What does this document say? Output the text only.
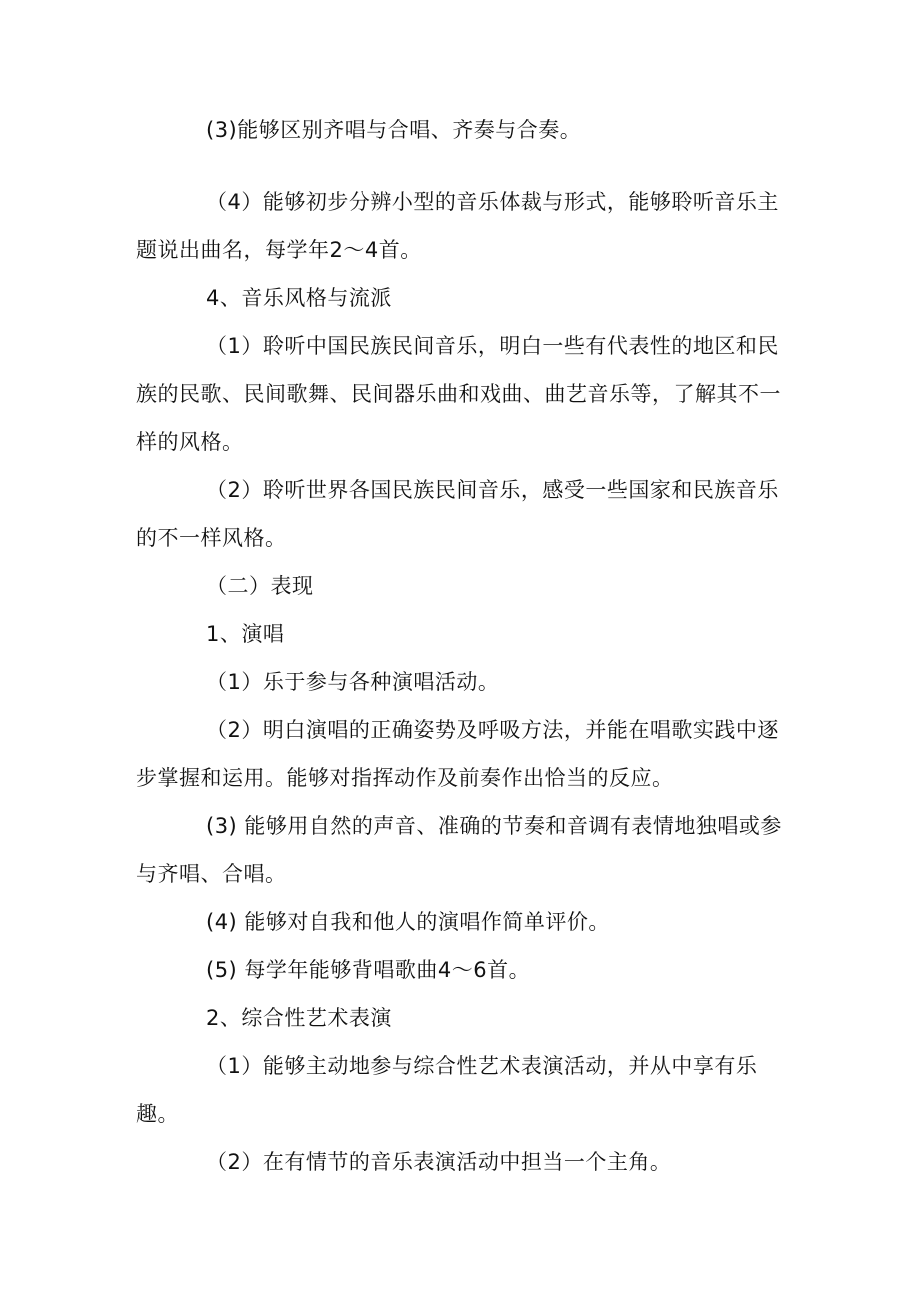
(3)能够区别齐唱与合唱、齐奏与合奏。

（4）能够初步分辨小型的音乐体裁与形式，能够聆听音乐主题说出曲名，每学年2～4首。

4、音乐风格与流派

（1）聆听中国民族民间音乐，明白一些有代表性的地区和民族的民歌、民间歌舞、民间器乐曲和戏曲、曲艺音乐等，了解其不一样的风格。

（2）聆听世界各国民族民间音乐，感受一些国家和民族音乐的不一样风格。

（二）表现

1、演唱

（1）乐于参与各种演唱活动。

（2）明白演唱的正确姿势及呼吸方法，并能在唱歌实践中逐步掌握和运用。能够对指挥动作及前奏作出恰当的反应。

(3) 能够用自然的声音、准确的节奏和音调有表情地独唱或参与齐唱、合唱。

(4) 能够对自我和他人的演唱作简单评价。

(5) 每学年能够背唱歌曲4～6首。

2、综合性艺术表演

（1）能够主动地参与综合性艺术表演活动，并从中享有乐趣。

（2）在有情节的音乐表演活动中担当一个主角。
